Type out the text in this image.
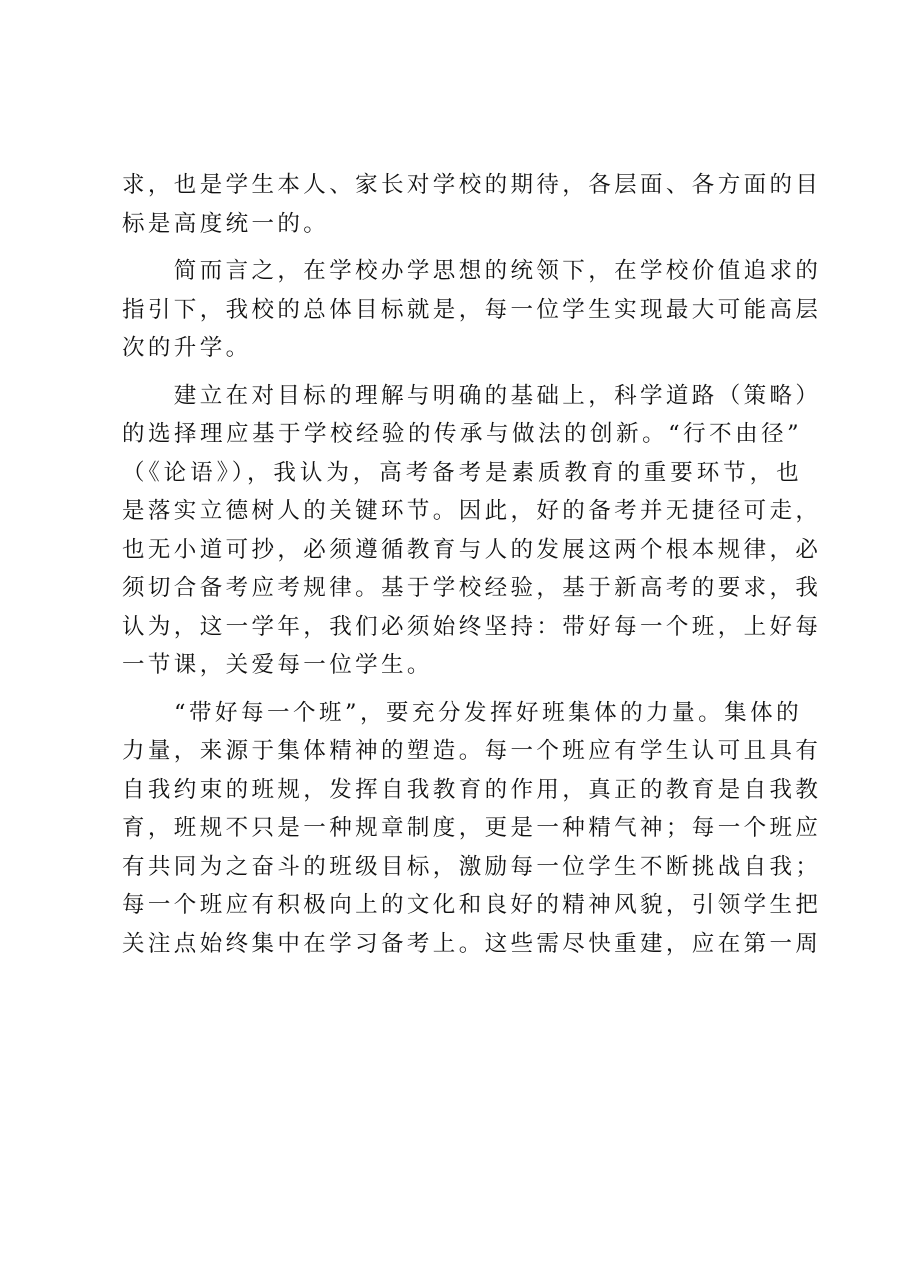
求，也是学生本人、家长对学校的期待，各层面、各方面的目
标是高度统一的。
　　简而言之，在学校办学思想的统领下，在学校价值追求的
指引下，我校的总体目标就是，每一位学生实现最大可能高层
次的升学。
　　建立在对目标的理解与明确的基础上，科学道路（策略）
的选择理应基于学校经验的传承与做法的创新。“行不由径”
（《论语》），我认为，高考备考是素质教育的重要环节，也
是落实立德树人的关键环节。因此，好的备考并无捷径可走，
也无小道可抄，必须遵循教育与人的发展这两个根本规律，必
须切合备考应考规律。基于学校经验，基于新高考的要求，我
认为，这一学年，我们必须始终坚持：带好每一个班，上好每
一节课，关爱每一位学生。
　　“带好每一个班”，要充分发挥好班集体的力量。集体的
力量，来源于集体精神的塑造。每一个班应有学生认可且具有
自我约束的班规，发挥自我教育的作用，真正的教育是自我教
育，班规不只是一种规章制度，更是一种精气神；每一个班应
有共同为之奋斗的班级目标，激励每一位学生不断挑战自我；
每一个班应有积极向上的文化和良好的精神风貌，引领学生把
关注点始终集中在学习备考上。这些需尽快重建，应在第一周
